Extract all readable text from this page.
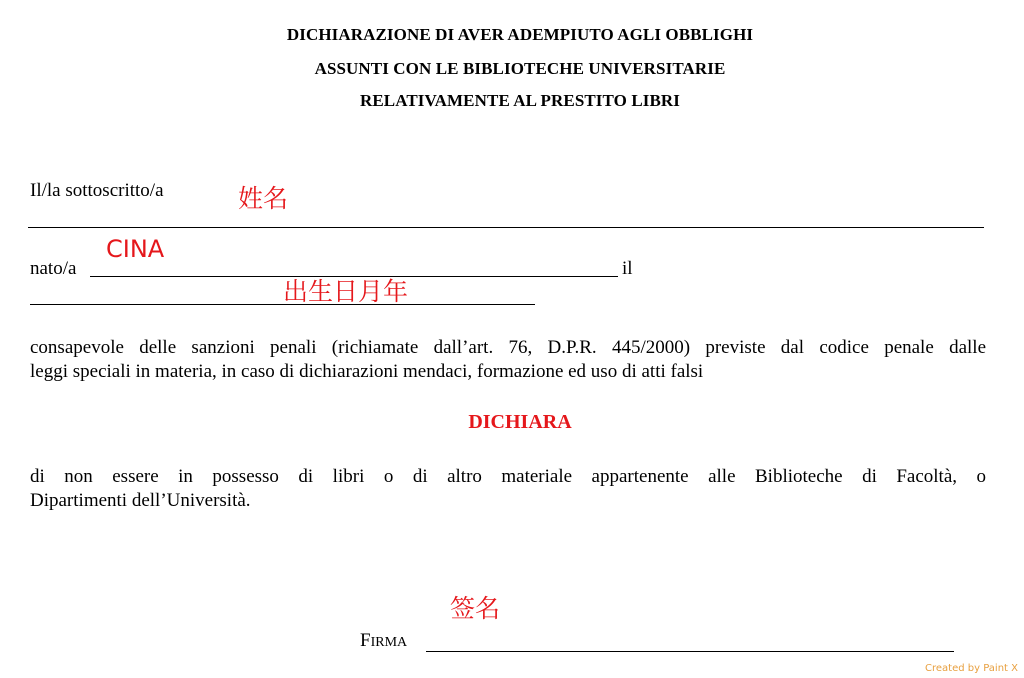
DICHIARAZIONE DI AVER ADEMPIUTO AGLI OBBLIGHI
ASSUNTI CON LE BIBLIOTECHE UNIVERSITARIE
RELATIVAMENTE AL PRESTITO LIBRI
Il/la sottoscritto/a	姓名
CINA
nato/a	il
出生日月年
consapevole delle sanzioni penali (richiamate dall’art. 76, D.P.R. 445/2000) previste dal codice penale dalle
leggi speciali in materia, in caso di dichiarazioni mendaci, formazione ed uso di atti falsi
DICHIARA
di non essere in possesso di libri o di altro materiale appartenente alle Biblioteche di Facoltà, o
Dipartimenti dell’Università.
签名
FIRMA
Created by Paint X
